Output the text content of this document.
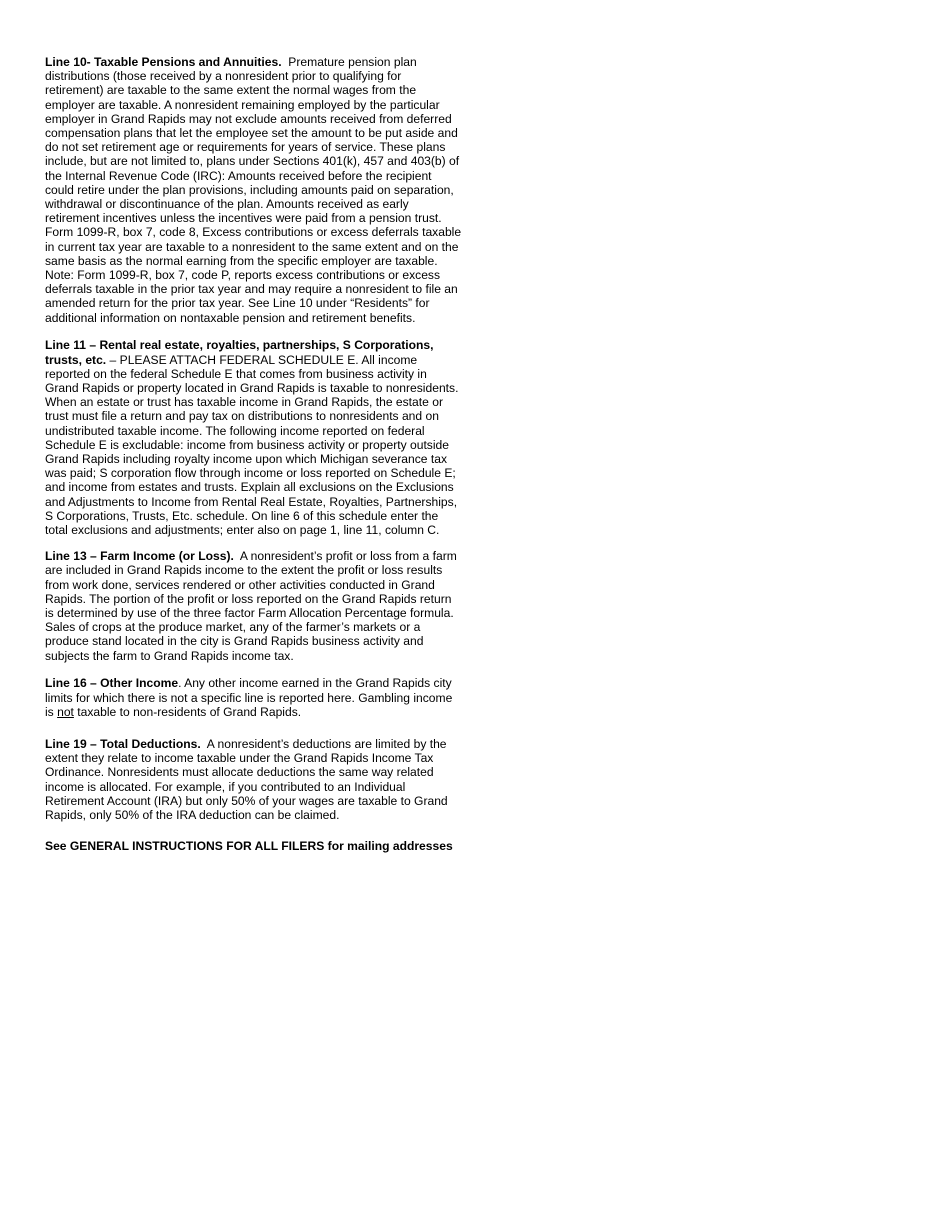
Line 10- Taxable Pensions and Annuities. Premature pension plan distributions (those received by a nonresident prior to qualifying for retirement) are taxable to the same extent the normal wages from the employer are taxable. A nonresident remaining employed by the particular employer in Grand Rapids may not exclude amounts received from deferred compensation plans that let the employee set the amount to be put aside and do not set retirement age or requirements for years of service. These plans include, but are not limited to, plans under Sections 401(k), 457 and 403(b) of the Internal Revenue Code (IRC): Amounts received before the recipient could retire under the plan provisions, including amounts paid on separation, withdrawal or discontinuance of the plan. Amounts received as early retirement incentives unless the incentives were paid from a pension trust. Form 1099-R, box 7, code 8, Excess contributions or excess deferrals taxable in current tax year are taxable to a nonresident to the same extent and on the same basis as the normal earning from the specific employer are taxable. Note: Form 1099-R, box 7, code P, reports excess contributions or excess deferrals taxable in the prior tax year and may require a nonresident to file an amended return for the prior tax year. See Line 10 under “Residents” for additional information on nontaxable pension and retirement benefits.

Line 11 – Rental real estate, royalties, partnerships, S Corporations, trusts, etc. – PLEASE ATTACH FEDERAL SCHEDULE E. All income reported on the federal Schedule E that comes from business activity in Grand Rapids or property located in Grand Rapids is taxable to nonresidents. When an estate or trust has taxable income in Grand Rapids, the estate or trust must file a return and pay tax on distributions to nonresidents and on undistributed taxable income. The following income reported on federal Schedule E is excludable: income from business activity or property outside Grand Rapids including royalty income upon which Michigan severance tax was paid; S corporation flow through income or loss reported on Schedule E; and income from estates and trusts. Explain all exclusions on the Exclusions and Adjustments to Income from Rental Real Estate, Royalties, Partnerships, S Corporations, Trusts, Etc. schedule. On line 6 of this schedule enter the total exclusions and adjustments; enter also on page 1, line 11, column C.

Line 13 – Farm Income (or Loss). A nonresident’s profit or loss from a farm are included in Grand Rapids income to the extent the profit or loss results from work done, services rendered or other activities conducted in Grand Rapids. The portion of the profit or loss reported on the Grand Rapids return is determined by use of the three factor Farm Allocation Percentage formula. Sales of crops at the produce market, any of the farmer’s markets or a produce stand located in the city is Grand Rapids business activity and subjects the farm to Grand Rapids income tax.

Line 16 – Other Income. Any other income earned in the Grand Rapids city limits for which there is not a specific line is reported here. Gambling income is not taxable to non-residents of Grand Rapids.

Line 19 – Total Deductions. A nonresident’s deductions are limited by the extent they relate to income taxable under the Grand Rapids Income Tax Ordinance. Nonresidents must allocate deductions the same way related income is allocated. For example, if you contributed to an Individual Retirement Account (IRA) but only 50% of your wages are taxable to Grand Rapids, only 50% of the IRA deduction can be claimed.

See GENERAL INSTRUCTIONS FOR ALL FILERS for mailing addresses
